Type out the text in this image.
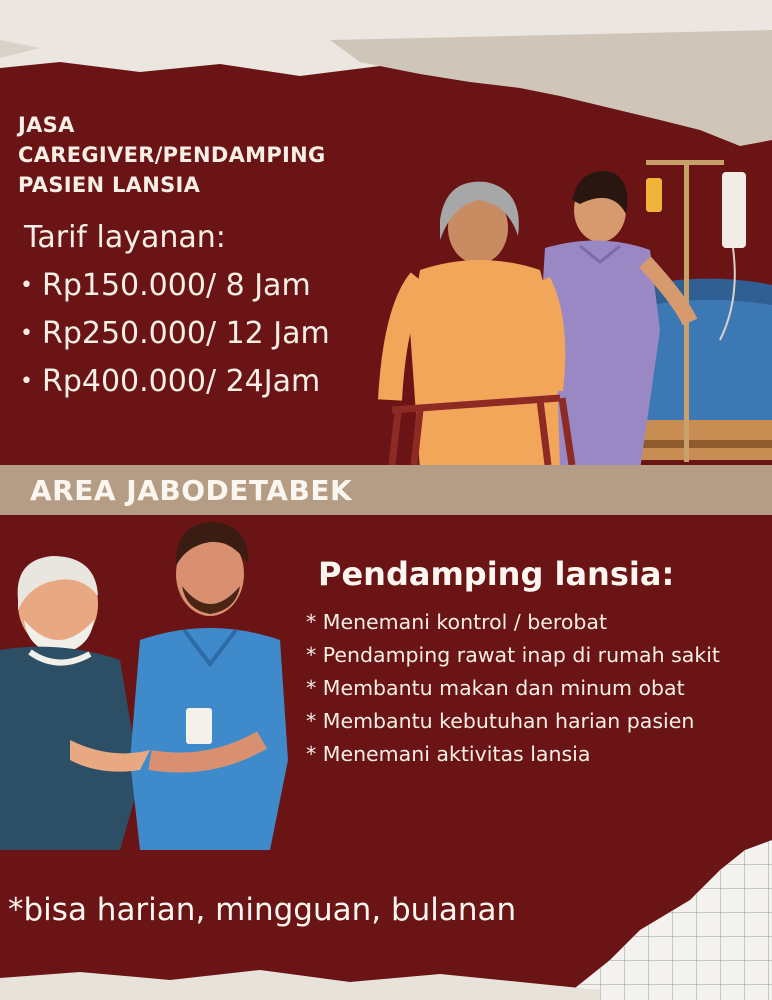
JASA
CAREGIVER/PENDAMPING
PASIEN LANSIA
Tarif layanan:
• Rp150.000/ 8 Jam
• Rp250.000/ 12 Jam
• Rp400.000/ 24Jam
AREA JABODETABEK
Pendamping lansia:
* Menemani kontrol / berobat
* Pendamping rawat inap di rumah sakit
* Membantu makan dan minum obat
* Membantu kebutuhan harian pasien
* Menemani aktivitas lansia
*bisa harian, mingguan, bulanan
